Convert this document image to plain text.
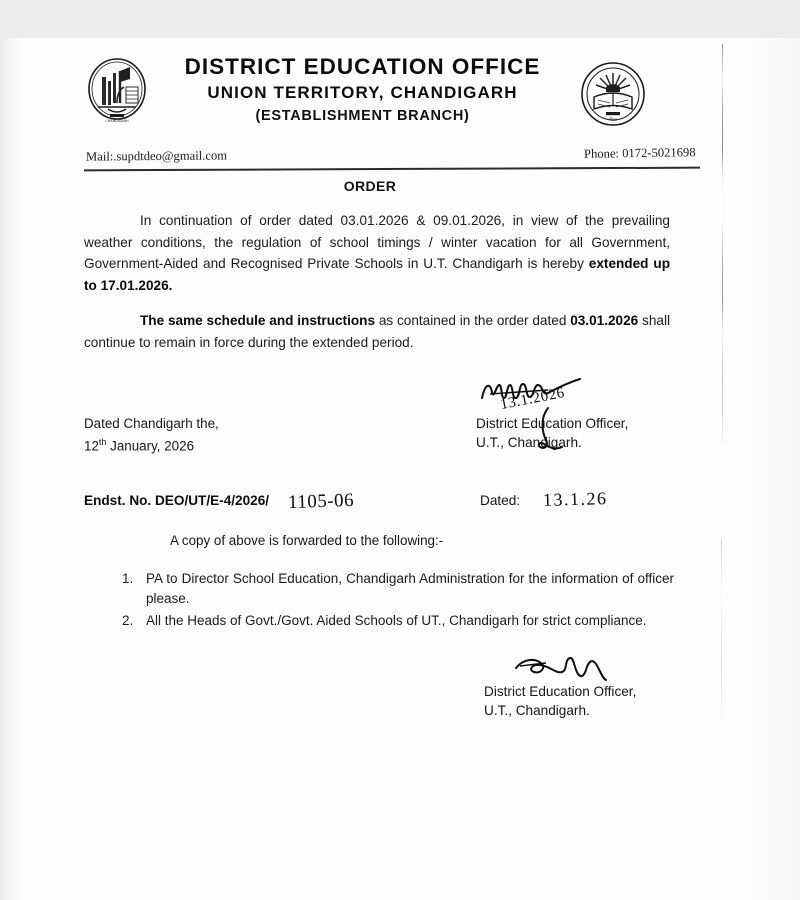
CHANDIGARH
DISTRICT EDUCATION OFFICE
UNION TERRITORY, CHANDIGARH
(ESTABLISHMENT BRANCH)	शिक्षा
Mail:.supdtdeo@gmail.com	Phone: 0172-5021698
ORDER

In continuation of order dated 03.01.2026 & 09.01.2026, in view of the prevailing weather conditions, the regulation of school timings / winter vacation for all Government, Government-Aided and Recognised Private Schools in U.T. Chandigarh is hereby extended up to 17.01.2026.

The same schedule and instructions as contained in the order dated 03.01.2026 shall continue to remain in force during the extended period.

13.1.2026
District Education Officer,
U.T., Chandigarh.
Dated Chandigarh the,
12th January, 2026
Endst. No. DEO/UT/E-4/2026/ 1105-06	Dated: 13.1.26
A copy of above is forwarded to the following:-
1. PA to Director School Education, Chandigarh Administration for the information of officer please.
2. All the Heads of Govt./Govt. Aided Schools of UT., Chandigarh for strict compliance.
District Education Officer,
U.T., Chandigarh.
